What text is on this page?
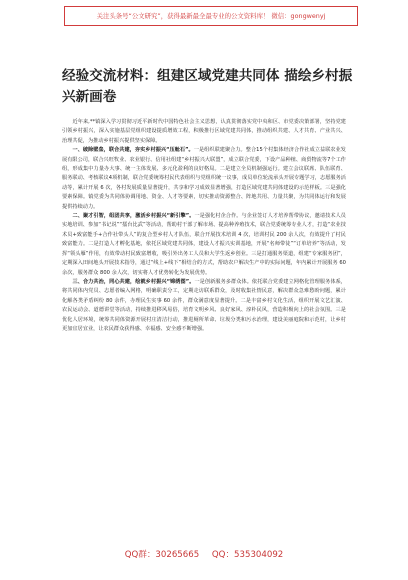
关注头条号“公文研究”，获得最新最全最专业的公文资料库！ 微信：gongwenyj
经验交流材料：组建区域党建共同体 描绘乡村振兴新画卷

近年来,**镇深入学习贯彻习近平新时代中国特色社会主义思想，认真贯彻落实党中央和区、市党委决策部署，坚持党建引领乡村振兴，深入实施基层党组织建设提质增效工程，积极推行区域党建共同体，推动组织共建、人才共育、产业共兴、治理共促，为推动乡村振兴提供坚实保障。

一、破除壁垒，联合共建，夯实乡村振兴“压舱石”。一是组织联建聚合力。整合15个村集体经济合作社成立益联农业发展有限公司，联合兴旺牧业、农业银行、信用社组建“乡村振兴大联盟”，成立联合党委，下设产品种植、商贸物流等7个工作组，形成集中力量办大事、统一主体发展、多元化盈利的良好格局。二是建立全员机制强运行。建立会议联席、队伍联育、服务联动、考核联议4项机制，联合党委统筹村民代表组织与党组织统一议事，成员单位轮流承头开展专题学习，志愿服务活动等，累计开展 6 次，各村发展质量显著提升，共享和学习成效显著增强，打造区域党建共同体建设的示范样板。三是强化要素保障。镇党委为共同体协调用地、资金、人才等要素，切实推动资源整合、阵地共用、力量共聚，为共同体运行和发展提供持续动力。

二、聚才引智，组团共享，激活乡村振兴“新引擎”。一是强化村企合作。与企业签订人才培养帮带协议，邀请技术人员实地培训、参加“书记说”“擂台比武”等活动，帮助村干部了解市场、提高种养殖技术，联合党委统筹专业人才，打造“农业技术员+致富能手+合作社带头人”的复合型乡村人才队伍，联合开展技术培训 4 次，培训村民 200 余人次，有效提升了村民致富能力。二是打造人才孵化基地，依托区域党建共同体，建设人才振兴实训基地，开展“名师带徒”“订单培养”等活动，发挥“领头雁”作用，有效带动村民致富增收，吸引外出务工人员和大学生返乡创业。三是打通服务渠道，组建“专家服务团”，定期深入田间地头开展技术指导，通过“线上+线下”相结合的方式，帮助农户解决生产中的实际问题，年内累计开展服务 60 余次，服务群众 800 余人次，切实将人才优势转化为发展优势。

三、合力共治，同心共建，绘就乡村振兴“锦绣图”。一是创新服务多群众体。依托联合党委建立网格化管理服务体系，将共同体内党员、志愿者编入网格，明确职责分工，定期走访联系群众，及时收集社情民意，解决群众急难愁盼问题，累计化解各类矛盾纠纷 80 余件，办理民生实事 60 余件，群众满意度显著提升。二是丰富乡村文化生活，组织开展文艺汇演、农民运动会、道德讲堂等活动，持续推进移风易俗，培育文明乡风、良好家风、淳朴民风，营造积极向上的社会氛围。三是优化人居环境，统筹共同体资源开展村庄清洁行动，推进厕所革命、垃圾分类和污水治理，建设美丽庭院和示范村，让乡村更加宜居宜业，让农民群众获得感、幸福感、安全感不断增强。

QQ群：30265665 QQ：535304092
